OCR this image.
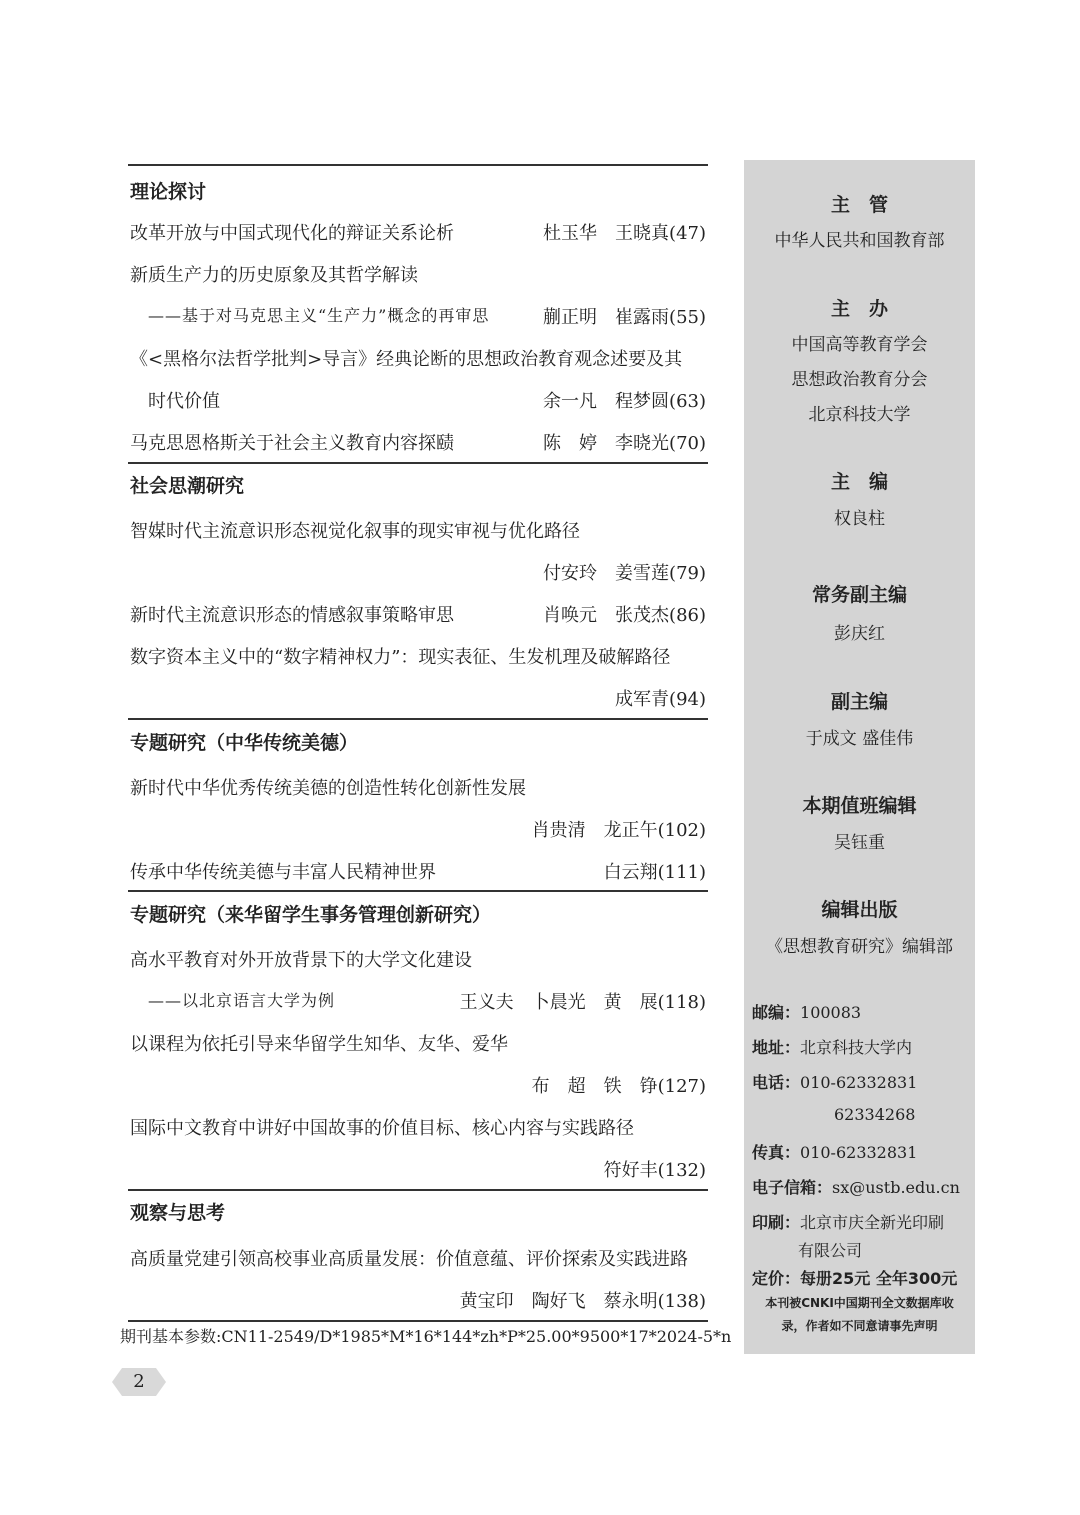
理论探讨
改革开放与中国式现代化的辩证关系论析	杜玉华　王晓真(47)
新质生产力的历史原象及其哲学解读
——基于对马克思主义“生产力”概念的再审思	蒯正明　崔露雨(55)
《<黑格尔法哲学批判>导言》经典论断的思想政治教育观念述要及其
时代价值	余一凡　程梦圆(63)
马克思恩格斯关于社会主义教育内容探赜	陈　婷　李晓光(70)
社会思潮研究
智媒时代主流意识形态视觉化叙事的现实审视与优化路径
付安玲　姜雪莲(79)
新时代主流意识形态的情感叙事策略审思	肖唤元　张茂杰(86)
数字资本主义中的“数字精神权力”：现实表征、生发机理及破解路径
成军青(94)
专题研究（中华传统美德）
新时代中华优秀传统美德的创造性转化创新性发展
肖贵清　龙正午(102)
传承中华传统美德与丰富人民精神世界	白云翔(111)
专题研究（来华留学生事务管理创新研究）
高水平教育对外开放背景下的大学文化建设
——以北京语言大学为例	王义夫　卜晨光　黄　展(118)
以课程为依托引导来华留学生知华、友华、爱华
布　超　铁　铮(127)
国际中文教育中讲好中国故事的价值目标、核心内容与实践路径
符好丰(132)
观察与思考
高质量党建引领高校事业高质量发展：价值意蕴、评价探索及实践进路
黄宝印　陶好飞　蔡永明(138)
期刊基本参数:CN11-2549/D*1985*M*16*144*zh*P*25.00*9500*17*2024-5*n
2
主　管
中华人民共和国教育部
主　办
中国高等教育学会
思想政治教育分会
北京科技大学
主　编
权良柱
常务副主编
彭庆红
副主编
于成文 盛佳伟
本期值班编辑
吴钰重
编辑出版
《思想教育研究》编辑部
邮编：100083
地址：北京科技大学内
电话：010-62332831
62334268
传真：010-62332831
电子信箱：sx@ustb.edu.cn
印刷：北京市庆全新光印刷
有限公司
定价：每册25元 全年300元
本刊被CNKI中国期刊全文数据库收
录，作者如不同意请事先声明
